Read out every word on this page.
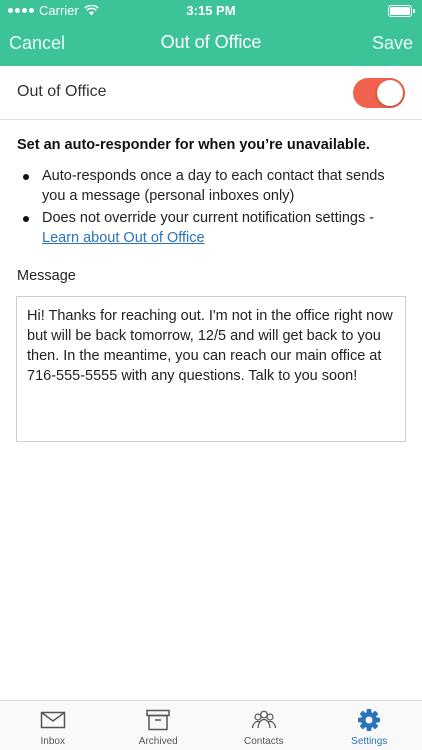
Carrier	3:15 PM
Cancel	Out of Office	Save
Out of Office
Set an auto-responder for when you’re unavailable.
Auto-responds once a day to each contact that sends you a message (personal inboxes only)
Does not override your current notification settings -
Learn about Out of Office
Message
Hi! Thanks for reaching out. I'm not in the office right now but will be back tomorrow, 12/5 and will get back to you then. In the meantime, you can reach our main office at 716-555-5555 with any questions. Talk to you soon!
Inbox	Archived	Contacts	Settings
